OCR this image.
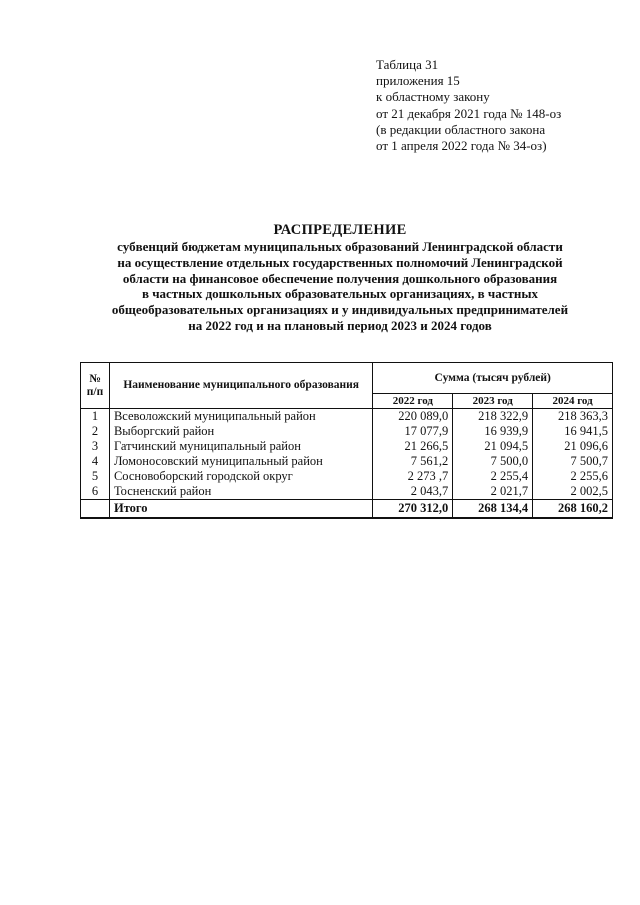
Таблица 31
приложения 15
к областному закону
от 21 декабря 2021 года № 148-оз
(в редакции областного закона
от 1 апреля 2022 года № 34-оз)
РАСПРЕДЕЛЕНИЕ
субвенций бюджетам муниципальных образований Ленинградской области
на осуществление отдельных государственных полномочий Ленинградской
области на финансовое обеспечение получения дошкольного образования
в частных дошкольных образовательных организациях, в частных
общеобразовательных организациях и у индивидуальных предпринимателей
на 2022 год и на плановый период 2023 и 2024 годов
№ п/п	Наименование муниципального образования	Сумма (тысяч рублей)		
		2022 год	2023 год	2024 год
1	Всеволожский муниципальный район	220 089,0	218 322,9	218 363,3
2	Выборгский район	17 077,9	16 939,9	16 941,5
3	Гатчинский муниципальный район	21 266,5	21 094,5	21 096,6
4	Ломоносовский муниципальный район	7 561,2	7 500,0	7 500,7
5	Сосновоборский городской округ	2 273 ,7	2 255,4	2 255,6
6	Тосненский район	2 043,7	2 021,7	2 002,5
	Итого	270 312,0	268 134,4	268 160,2
